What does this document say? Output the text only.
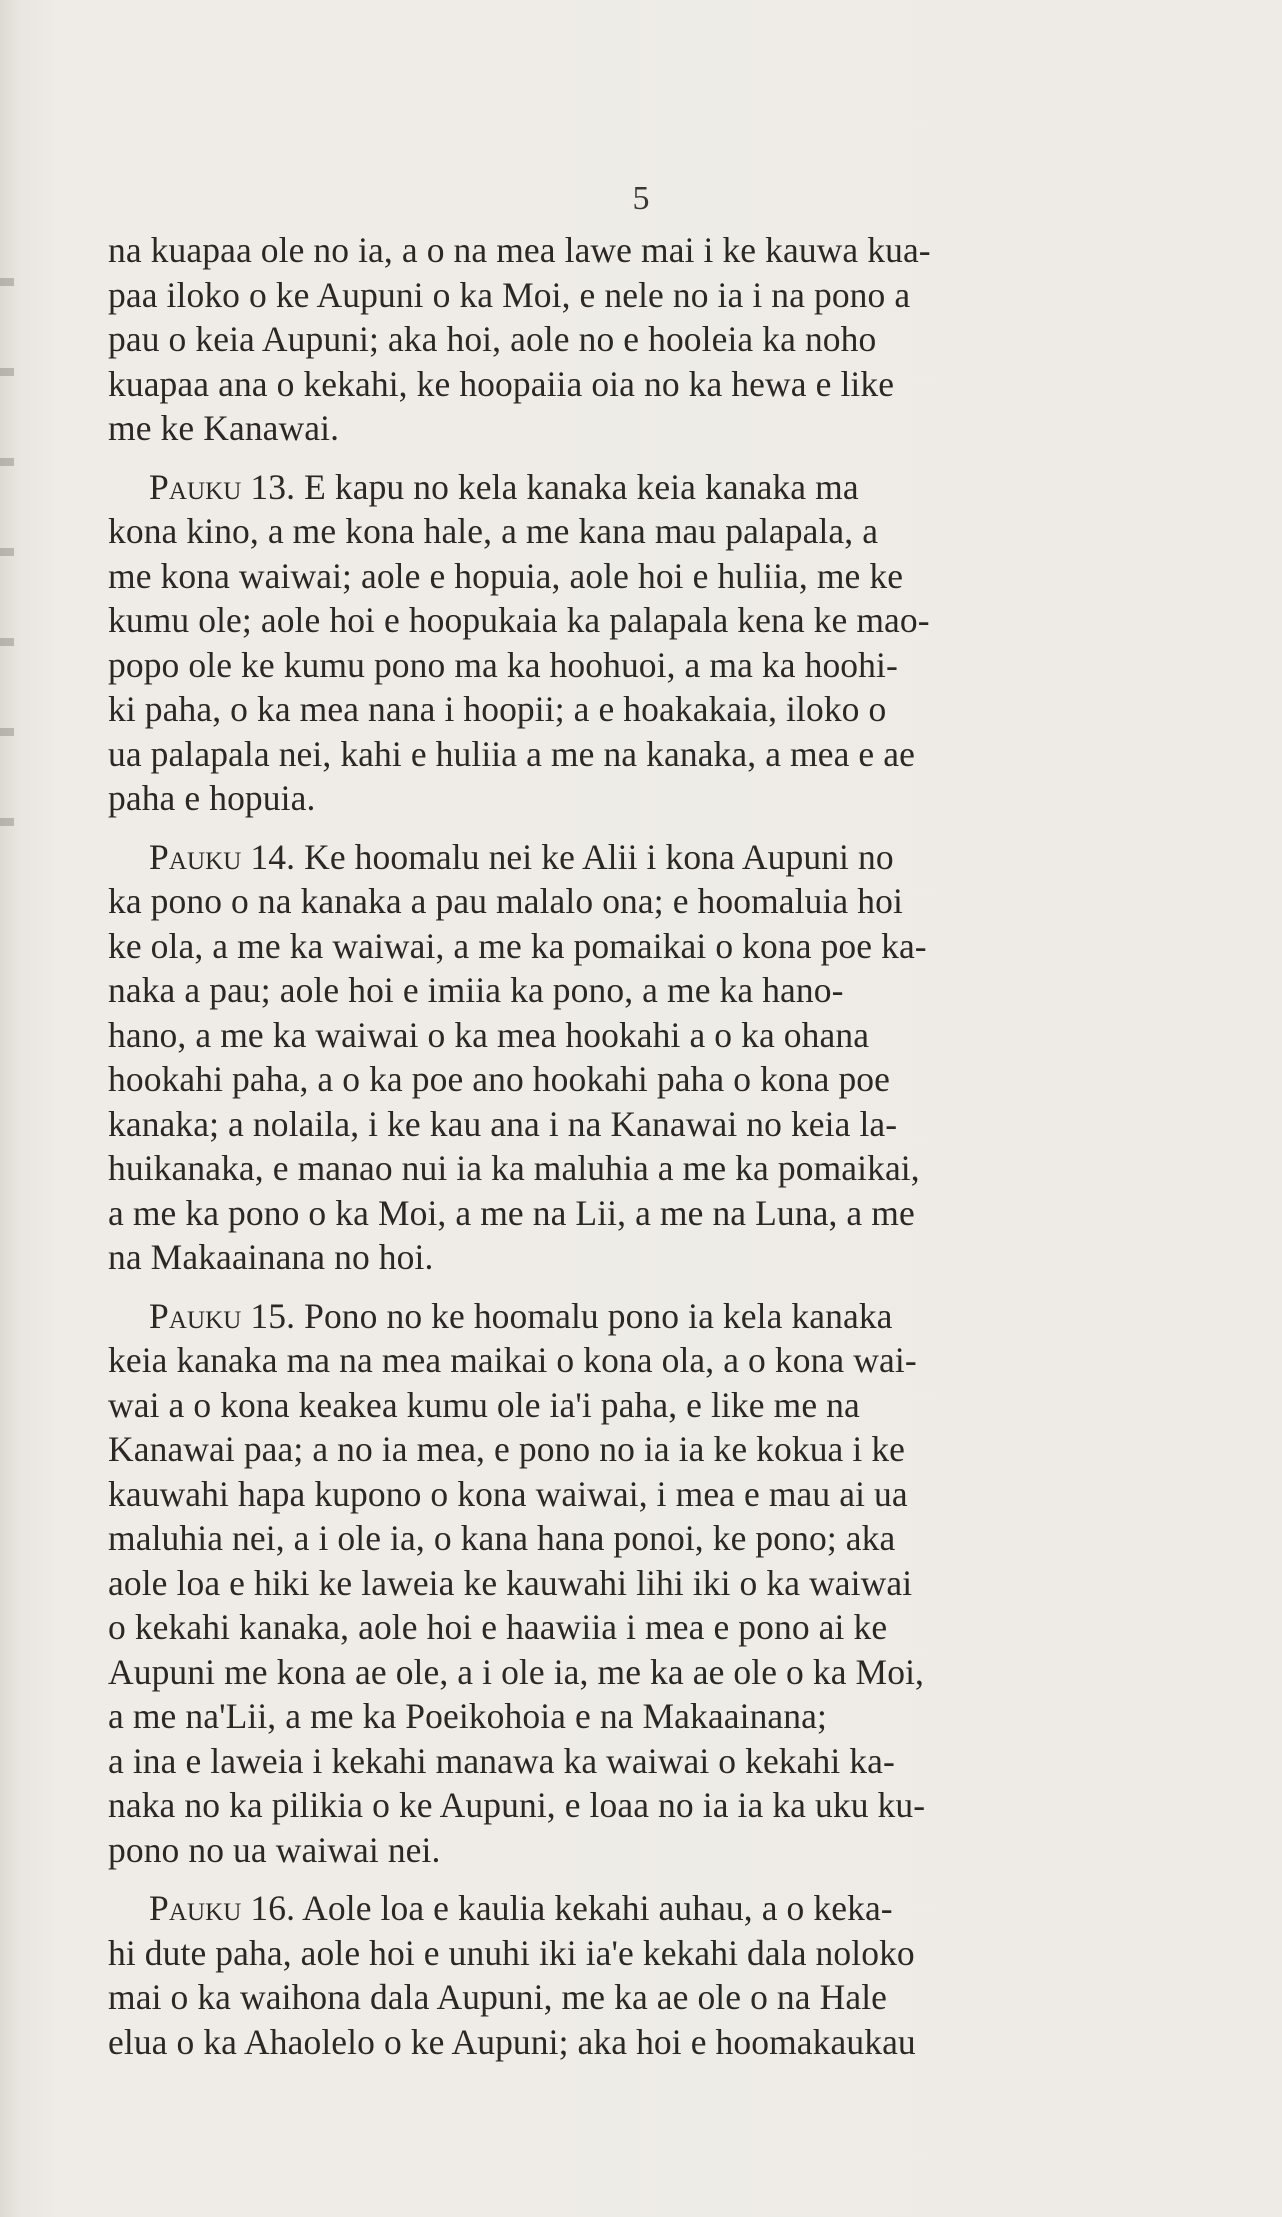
5
na kuapaa ole no ia, a o na mea lawe mai i ke kauwa kua-
paa iloko o ke Aupuni o ka Moi, e nele no ia i na pono a
pau o keia Aupuni; aka hoi, aole no e hooleia ka noho
kuapaa ana o kekahi, ke hoopaiia oia no ka hewa e like
me ke Kanawai.
Pauku 13. E kapu no kela kanaka keia kanaka ma
kona kino, a me kona hale, a me kana mau palapala, a
me kona waiwai; aole e hopuia, aole hoi e huliia, me ke
kumu ole; aole hoi e hoopukaia ka palapala kena ke mao-
popo ole ke kumu pono ma ka hoohuoi, a ma ka hoohi-
ki paha, o ka mea nana i hoopii; a e hoakakaia, iloko o
ua palapala nei, kahi e huliia a me na kanaka, a mea e ae
paha e hopuia.
Pauku 14. Ke hoomalu nei ke Alii i kona Aupuni no
ka pono o na kanaka a pau malalo ona; e hoomaluia hoi
ke ola, a me ka waiwai, a me ka pomaikai o kona poe ka-
naka a pau; aole hoi e imiia ka pono, a me ka hano-
hano, a me ka waiwai o ka mea hookahi a o ka ohana
hookahi paha, a o ka poe ano hookahi paha o kona poe
kanaka; a nolaila, i ke kau ana i na Kanawai no keia la-
huikanaka, e manao nui ia ka maluhia a me ka pomaikai,
a me ka pono o ka Moi, a me na Lii, a me na Luna, a me
na Makaainana no hoi.
Pauku 15. Pono no ke hoomalu pono ia kela kanaka
keia kanaka ma na mea maikai o kona ola, a o kona wai-
wai a o kona keakea kumu ole ia'i paha, e like me na
Kanawai paa; a no ia mea, e pono no ia ia ke kokua i ke
kauwahi hapa kupono o kona waiwai, i mea e mau ai ua
maluhia nei, a i ole ia, o kana hana ponoi, ke pono; aka
aole loa e hiki ke laweia ke kauwahi lihi iki o ka waiwai
o kekahi kanaka, aole hoi e haawiia i mea e pono ai ke
Aupuni me kona ae ole, a i ole ia, me ka ae ole o ka Moi,
a me na'Lii, a me ka Poeikohoia e na Makaainana;
a ina e laweia i kekahi manawa ka waiwai o kekahi ka-
naka no ka pilikia o ke Aupuni, e loaa no ia ia ka uku ku-
pono no ua waiwai nei.
Pauku 16. Aole loa e kaulia kekahi auhau, a o keka-
hi dute paha, aole hoi e unuhi iki ia'e kekahi dala noloko
mai o ka waihona dala Aupuni, me ka ae ole o na Hale
elua o ka Ahaolelo o ke Aupuni; aka hoi e hoomakaukau
